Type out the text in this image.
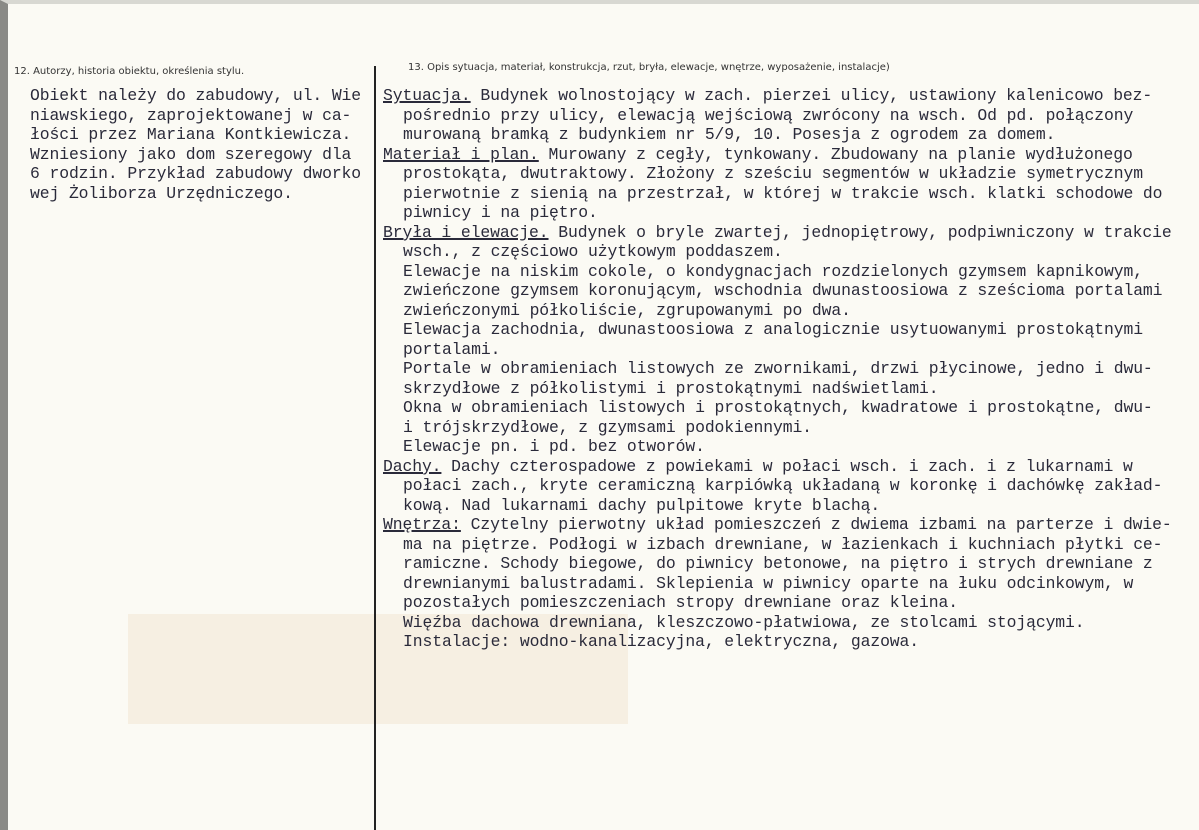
12. Autorzy, historia obiektu, określenia stylu.	13. Opis sytuacja, materiał, konstrukcja, rzut, bryła, elewacje, wnętrze, wyposażenie, instalacje)
Obiekt należy do zabudowy, ul. Wie
niawskiego, zaprojektowanej w ca-
łości przez Mariana Kontkiewicza.
Wzniesiony jako dom szeregowy dla
6 rodzin. Przykład zabudowy dworko
wej Żoliborza Urzędniczego.
Sytuacja. Budynek wolnostojący w zach. pierzei ulicy, ustawiony kalenicowo bez-
pośrednio przy ulicy, elewacją wejściową zwrócony na wsch. Od pd. połączony
murowaną bramką z budynkiem nr 5/9, 10. Posesja z ogrodem za domem.
Materiał i plan. Murowany z cegły, tynkowany. Zbudowany na planie wydłużonego
prostokąta, dwutraktowy. Złożony z sześciu segmentów w układzie symetrycznym
pierwotnie z sienią na przestrzał, w której w trakcie wsch. klatki schodowe do
piwnicy i na piętro.
Bryła i elewacje. Budynek o bryle zwartej, jednopiętrowy, podpiwniczony w trakcie
wsch., z częściowo użytkowym poddaszem.
Elewacje na niskim cokole, o kondygnacjach rozdzielonych gzymsem kapnikowym,
zwieńczone gzymsem koronującym, wschodnia dwunastoosiowa z sześcioma portalami
zwieńczonymi półkoliście, zgrupowanymi po dwa.
Elewacja zachodnia, dwunastoosiowa z analogicznie usytuowanymi prostokątnymi
portalami.
Portale w obramieniach listowych ze zwornikami, drzwi płycinowe, jedno i dwu-
skrzydłowe z półkolistymi i prostokątnymi nadświetlami.
Okna w obramieniach listowych i prostokątnych, kwadratowe i prostokątne, dwu-
i trójskrzydłowe, z gzymsami podokiennymi.
Elewacje pn. i pd. bez otworów.
Dachy. Dachy czterospadowe z powiekami w połaci wsch. i zach. i z lukarnami w
połaci zach., kryte ceramiczną karpiówką układaną w koronkę i dachówkę zakład-
kową. Nad lukarnami dachy pulpitowe kryte blachą.
Wnętrza: Czytelny pierwotny układ pomieszczeń z dwiema izbami na parterze i dwie-
ma na piętrze. Podłogi w izbach drewniane, w łazienkach i kuchniach płytki ce-
ramiczne. Schody biegowe, do piwnicy betonowe, na piętro i strych drewniane z
drewnianymi balustradami. Sklepienia w piwnicy oparte na łuku odcinkowym, w
pozostałych pomieszczeniach stropy drewniane oraz kleina.
Więźba dachowa drewniana, kleszczowo-płatwiowa, ze stolcami stojącymi.
Instalacje: wodno-kanalizacyjna, elektryczna, gazowa.
